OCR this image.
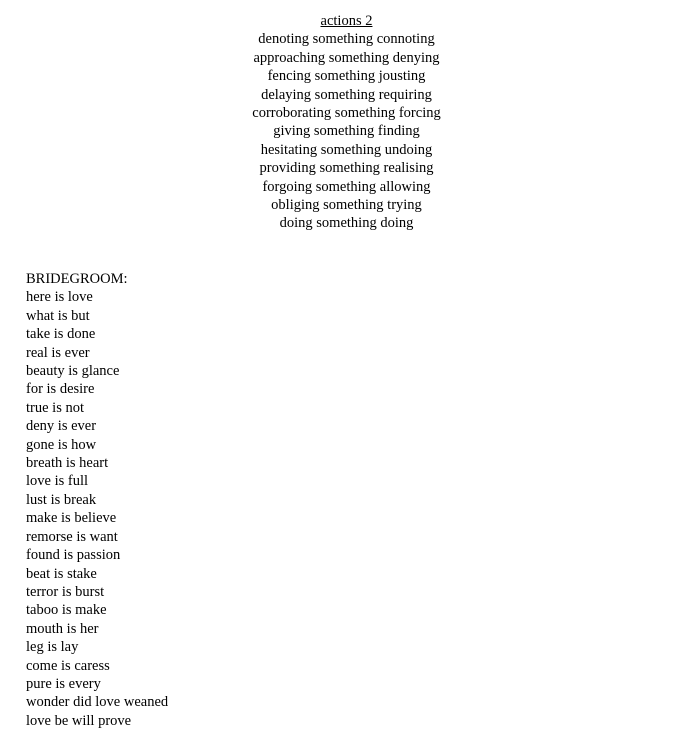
actions 2
denoting something connoting
approaching something denying
fencing something jousting
delaying something requiring
corroborating something forcing
giving something finding
hesitating something undoing
providing something realising
forgoing something allowing
obliging something trying
doing something doing
BRIDEGROOM:
here is love
what is but
take is done
real is ever
beauty is glance
for is desire
true is not
deny is ever
gone is how
breath is heart
love is full
lust is break
make is believe
remorse is want
found is passion
beat is stake
terror is burst
taboo is make
mouth is her
leg is lay
come is caress
pure is every
wonder did love weaned
love be will prove
